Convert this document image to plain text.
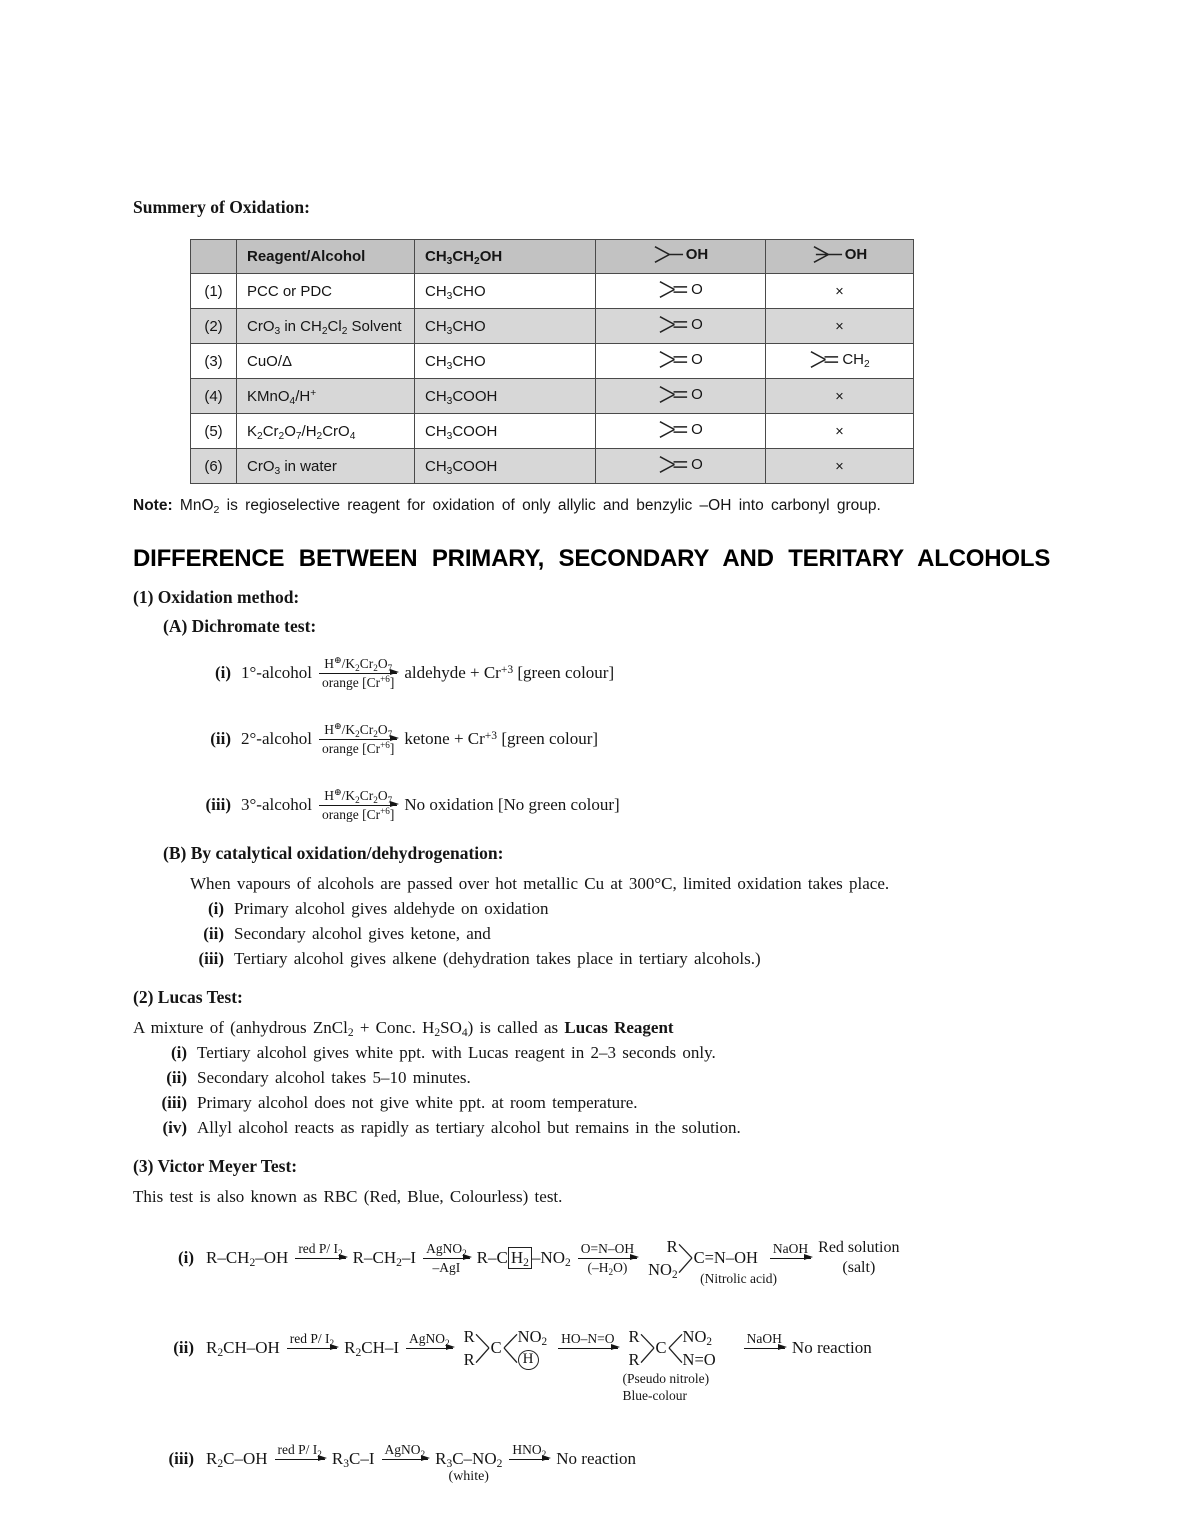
Summery of Oxidation:
	Reagent/Alcohol	$CH_3CH_2OH$	OH	OH

(1)	PCC or PDC	$CH_3CHO$	O	×
(2)	CrO$_3$ in $CH_2Cl_2$ Solvent	$CH_3CHO$	O	×
(3)	CuO/Δ	$CH_3CHO$	O	$CH_2$

(4)	KMnO$_4$/H+	$CH_3COOH$	O	×
(5)	$K_2Cr_2O_7/H_2CrO_4$	$CH_3COOH$	O	×
(6)	CrO$_3$ in water	$CH_3COOH$	O	×

Note: MnO$_2$ is regioselective reagent for oxidation of only allylic and benzylic –OH into carbonyl group.

DIFFERENCE BETWEEN PRIMARY, SECONDARY AND TERITARY ALCOHOLS
(1) Oxidation method:
(A) Dichromate test:
(i) 1°-alcohol $H^\oplus/K_2Cr_2O_7$
orange $[Cr^{+6}]$ aldehyde + $Cr^{+3}$ [green colour]
(ii) 2°-alcohol $H^\oplus/K_2Cr_2O_7$
orange $[Cr^{+6}]$ ketone + $Cr^{+3}$ [green colour]
(iii) 3°-alcohol $H^\oplus/K_2Cr_2O_7$
orange $[Cr^{+6}]$ No oxidation [No green colour]
(B) By catalytical oxidation/dehydrogenation:

When vapours of alcohols are passed over hot metallic Cu at 300°C, limited oxidation takes place.

(i) Primary alcohol gives aldehyde on oxidation
(ii) Secondary alcohol gives ketone, and
(iii) Tertiary alcohol gives alkene (dehydration takes place in tertiary alcohols.)
(2) Lucas Test:

A mixture of (anhydrous ZnCl$_2$ + Conc. $H_2SO_4$) is called as Lucas Reagent

(i) Tertiary alcohol gives white ppt. with Lucas reagent in 2–3 seconds only.
(ii) Secondary alcohol takes 5–10 minutes.
(iii) Primary alcohol does not give white ppt. at room temperature.
(iv) Allyl alcohol reacts as rapidly as tertiary alcohol but remains in the solution.
(3) Victor Meyer Test:

This test is also known as RBC (Red, Blue, Colourless) test.

(i) $R-CH_2-OH$ red P/ $I_2$ $R-CH_2-I$ AgNO$_2$
–AgI R–C $H_2$ $-NO_2$
O=N–OH
$(-H_2O)$
R
$NO_2$
C=N–OH
(Nitrolic acid)
NaOH Red solution
(salt)
(ii) $R_2CH-OH$ red P/ $I_2$ $R_2CH-I$ AgNO$_2$ R
R
C
$NO_2$
H
HO–N=O R
R
C
$NO_2$
N=O
(Pseudo nitrole)
Blue-colour
NaOH No reaction
(iii) $R_2C-OH$ red P/ $I_2$ $R_3C-I$ AgNO$_2$ $R_3C-NO_2$
(white)
$HNO_2$ No reaction
